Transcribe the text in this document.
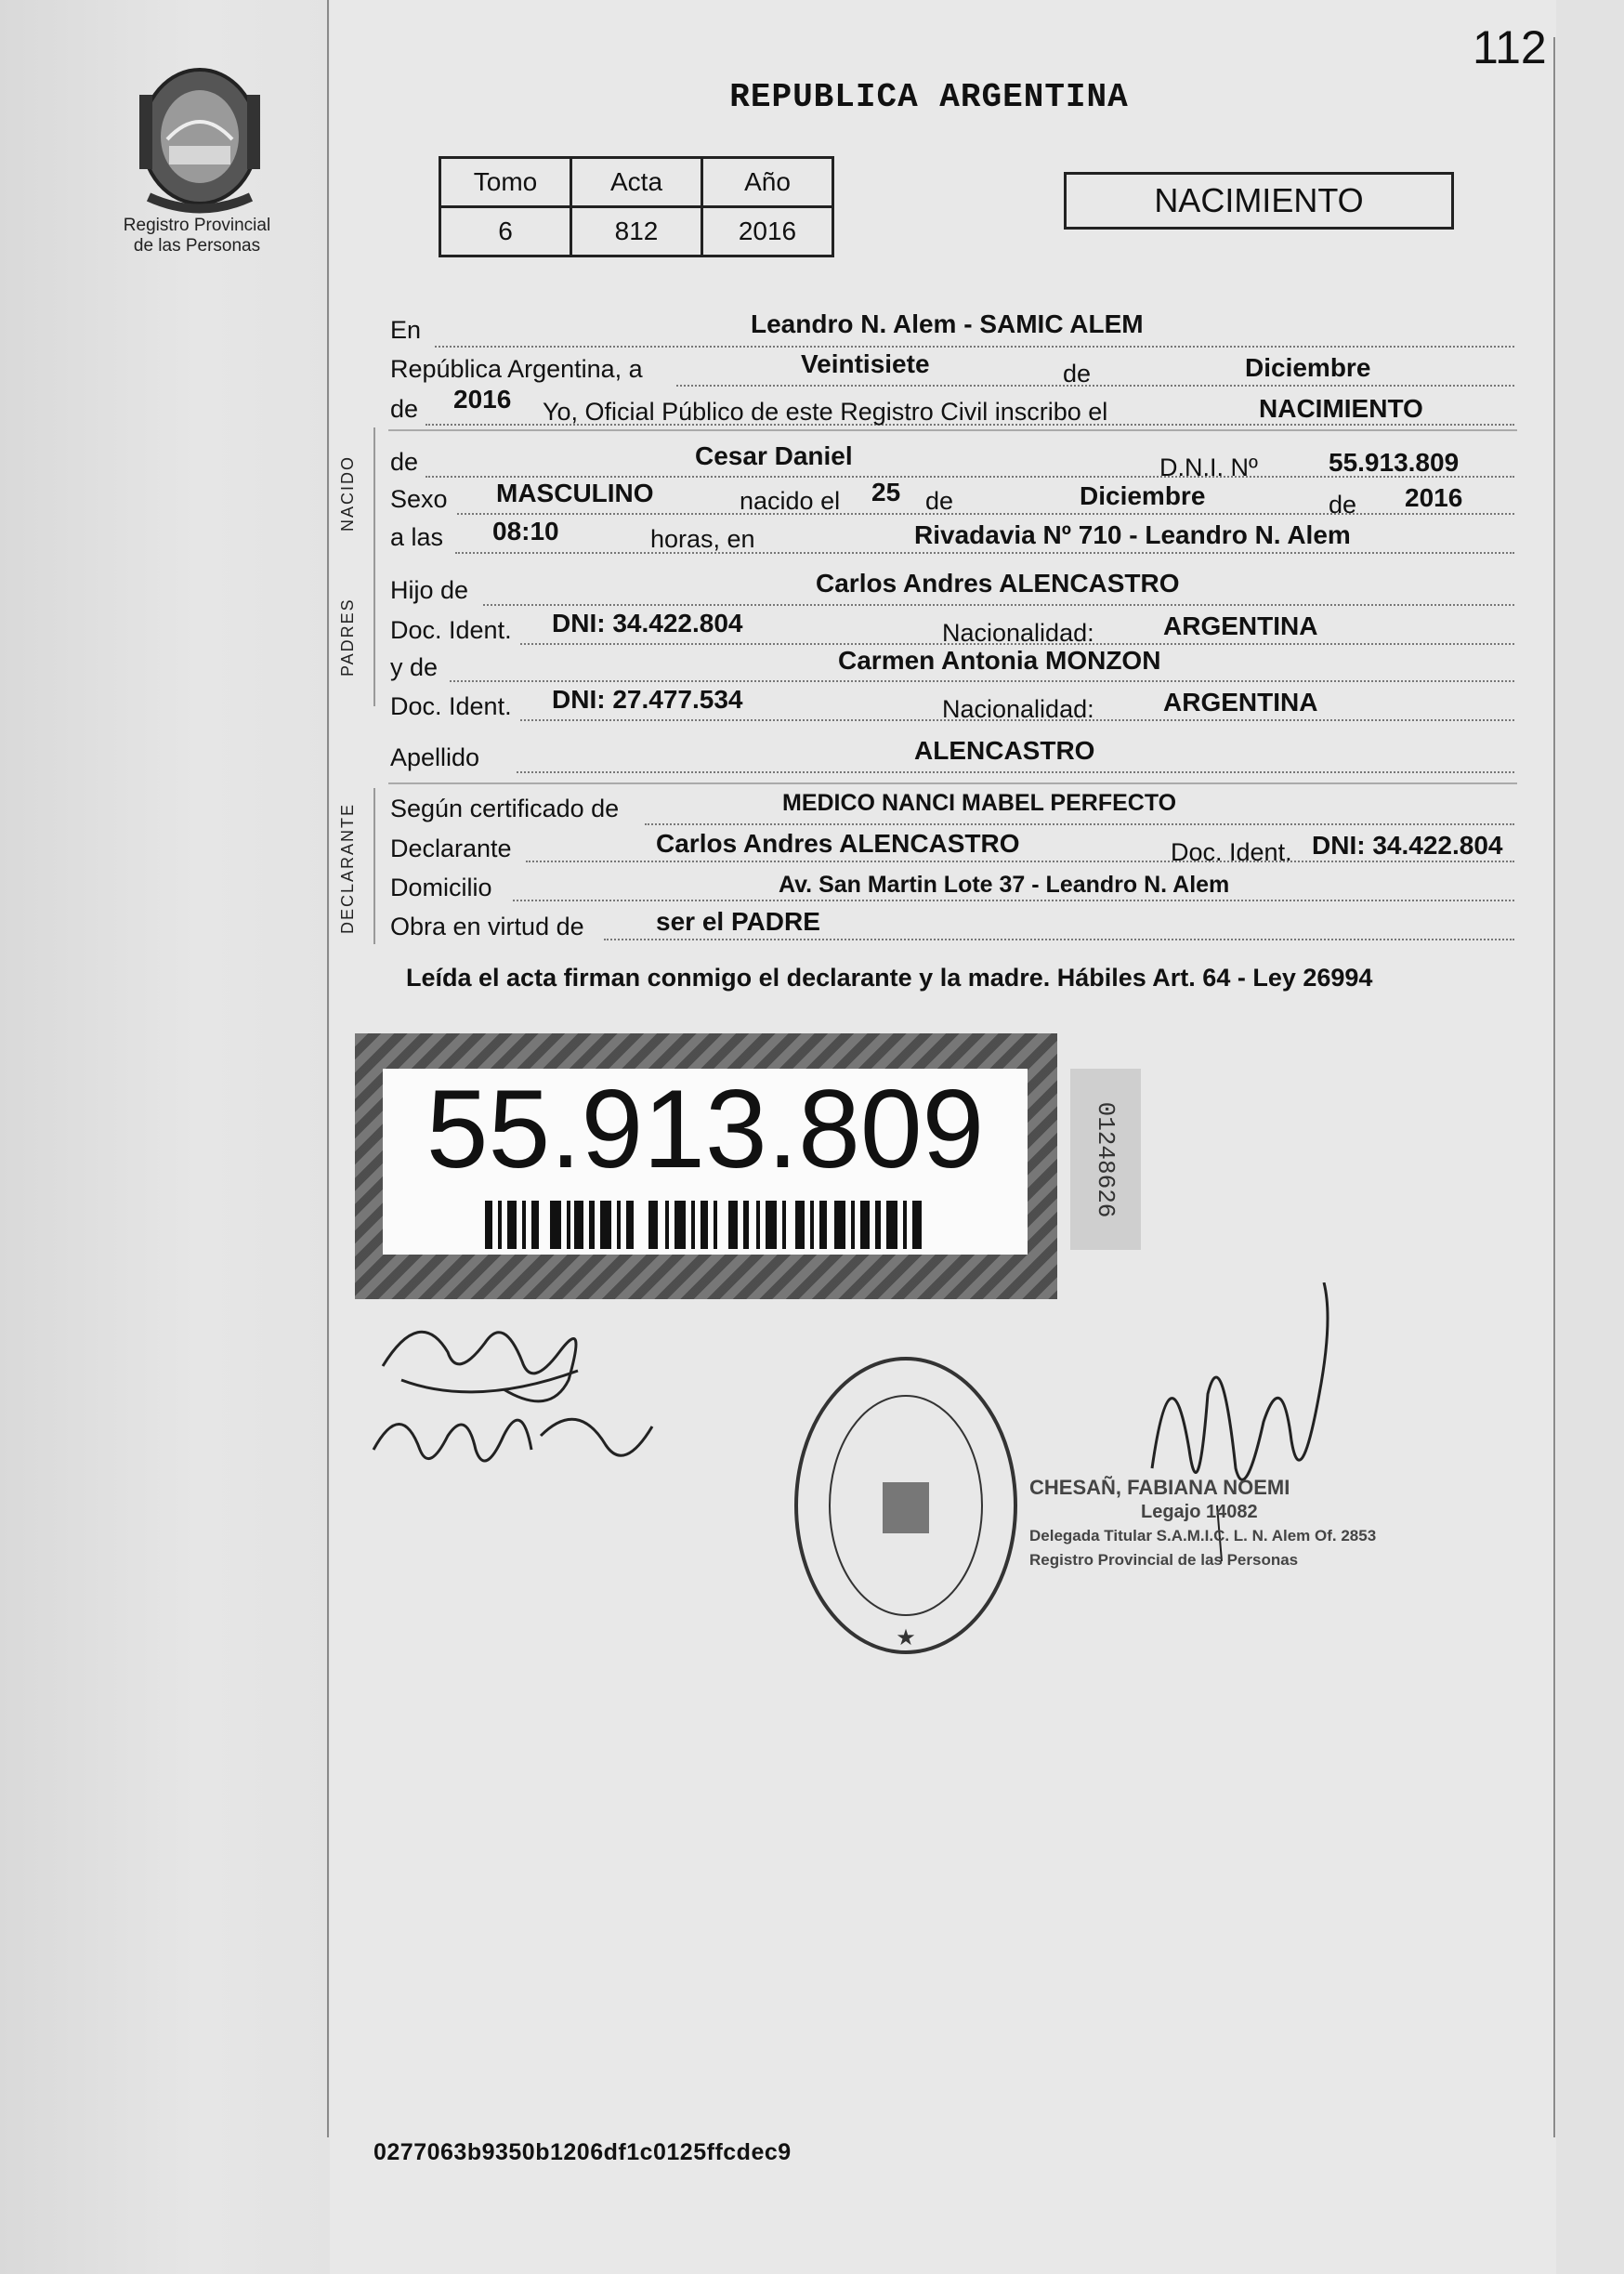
Registro Provincial
de las Personas
112
REPUBLICA ARGENTINA
Tomo	Acta	Año
6	812	2016
NACIMIENTO
NACIDO
PADRES
DECLARANTE
En	Leandro N. Alem - SAMIC ALEM
República Argentina, a	Veintisiete	de	Diciembre
de 2016 Yo, Oficial Público de este Registro Civil inscribo el	NACIMIENTO
de	Cesar Daniel	D.N.I. Nº	55.913.809
Sexo MASCULINO	nacido el 25 de	Diciembre	de 2016
a las 08:10	horas, en	Rivadavia Nº 710 - Leandro N. Alem
Hijo de	Carlos Andres ALENCASTRO
Doc. Ident. DNI: 34.422.804	Nacionalidad:	ARGENTINA
y de	Carmen Antonia MONZON
Doc. Ident. DNI: 27.477.534	Nacionalidad:	ARGENTINA
Apellido	ALENCASTRO
Según certificado de	MEDICO NANCI MABEL PERFECTO
Declarante	Carlos Andres ALENCASTRO	Doc. Ident. DNI: 34.422.804
Domicilio	Av. San Martin Lote 37 - Leandro N. Alem
Obra en virtud de	ser el PADRE
Leída el acta firman conmigo el declarante y la madre. Hábiles Art. 64 - Ley 26994
55.913.809	01248626
★
CHESAÑ, FABIANA NOEMI
Legajo 14082
Delegada Titular S.A.M.I.C. L. N. Alem Of. 2853
Registro Provincial de las Personas
0277063b9350b1206df1c0125ffcdec9
